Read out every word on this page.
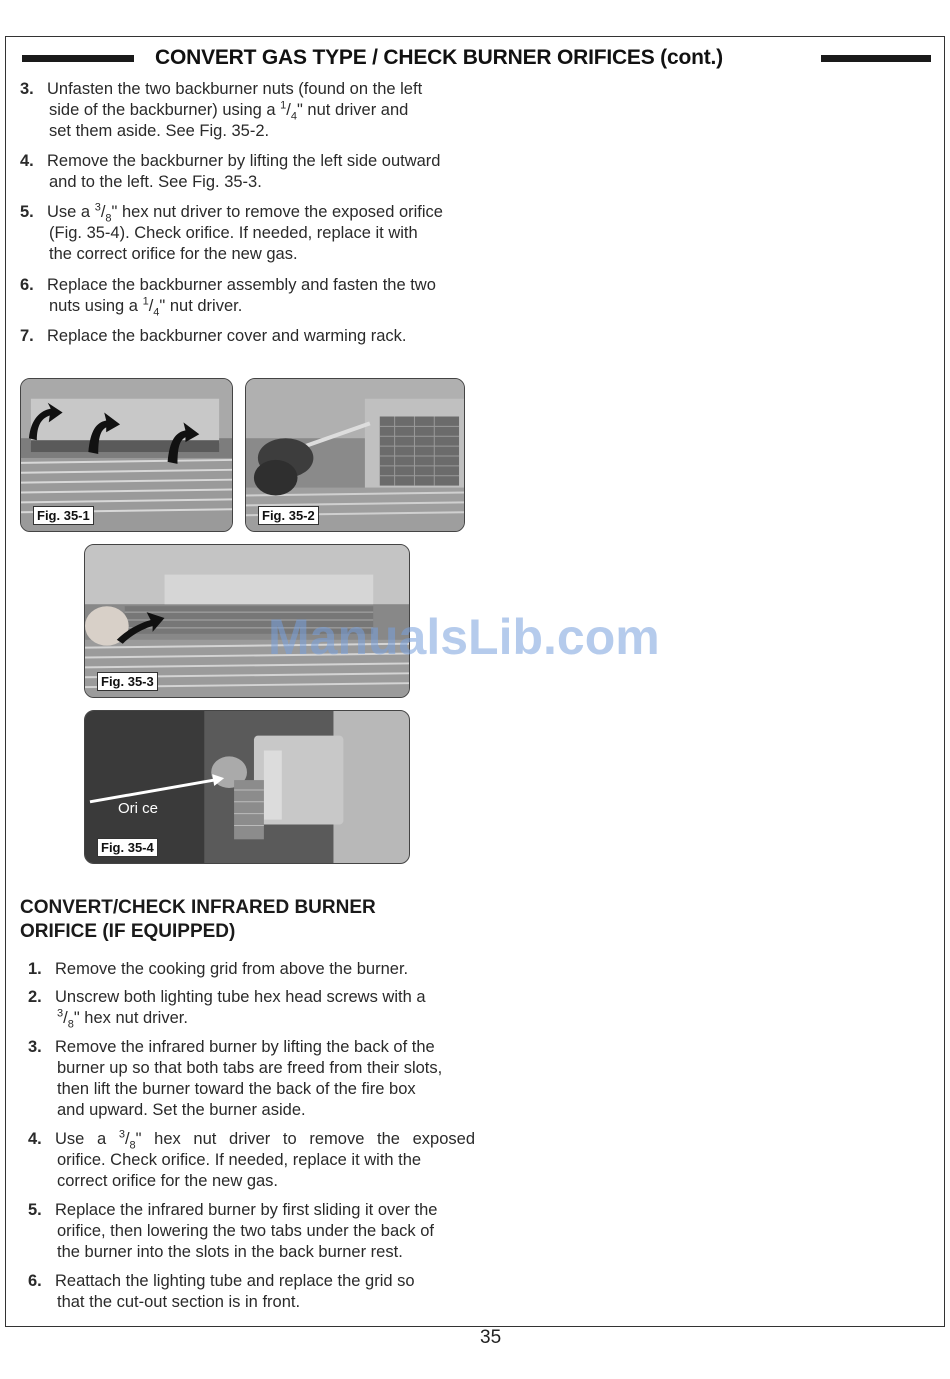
CONVERT GAS TYPE / CHECK BURNER ORIFICES (cont.)
3. Unfasten the two backburner nuts (found on the left
side of the backburner) using a $^1/_4$" nut driver and
set them aside. See Fig. 35-2.
4. Remove the backburner by lifting the left side outward
and to the left. See Fig. 35-3.
5. Use a $^3/_8$" hex nut driver to remove the exposed orifice
(Fig. 35-4). Check orifice. If needed, replace it with
the correct orifice for the new gas.
6. Replace the backburner assembly and fasten the two
nuts using a $^1/_4$" nut driver.
7. Replace the backburner cover and warming rack.
Fig. 35-1	Fig. 35-2
Fig. 35-3
Fig. 35-4
Ori ce
ManualsLib.com
CONVERT/CHECK INFRARED BURNER
ORIFICE (IF EQUIPPED)
1. Remove the cooking grid from above the burner.
2. Unscrew both lighting tube hex head screws with a
$^3/_8$" hex nut driver.
3. Remove the infrared burner by lifting the back of the
burner up so that both tabs are freed from their slots,
then lift the burner toward the back of the fire box
and upward. Set the burner aside.
4. Use a $^3/_8$" hex nut driver to remove the exposed
orifice. Check orifice. If needed, replace it with the
correct orifice for the new gas.
5. Replace the infrared burner by first sliding it over the
orifice, then lowering the two tabs under the back of
the burner into the slots in the back burner rest.
6. Reattach the lighting tube and replace the grid so
that the cut-out section is in front.
35
